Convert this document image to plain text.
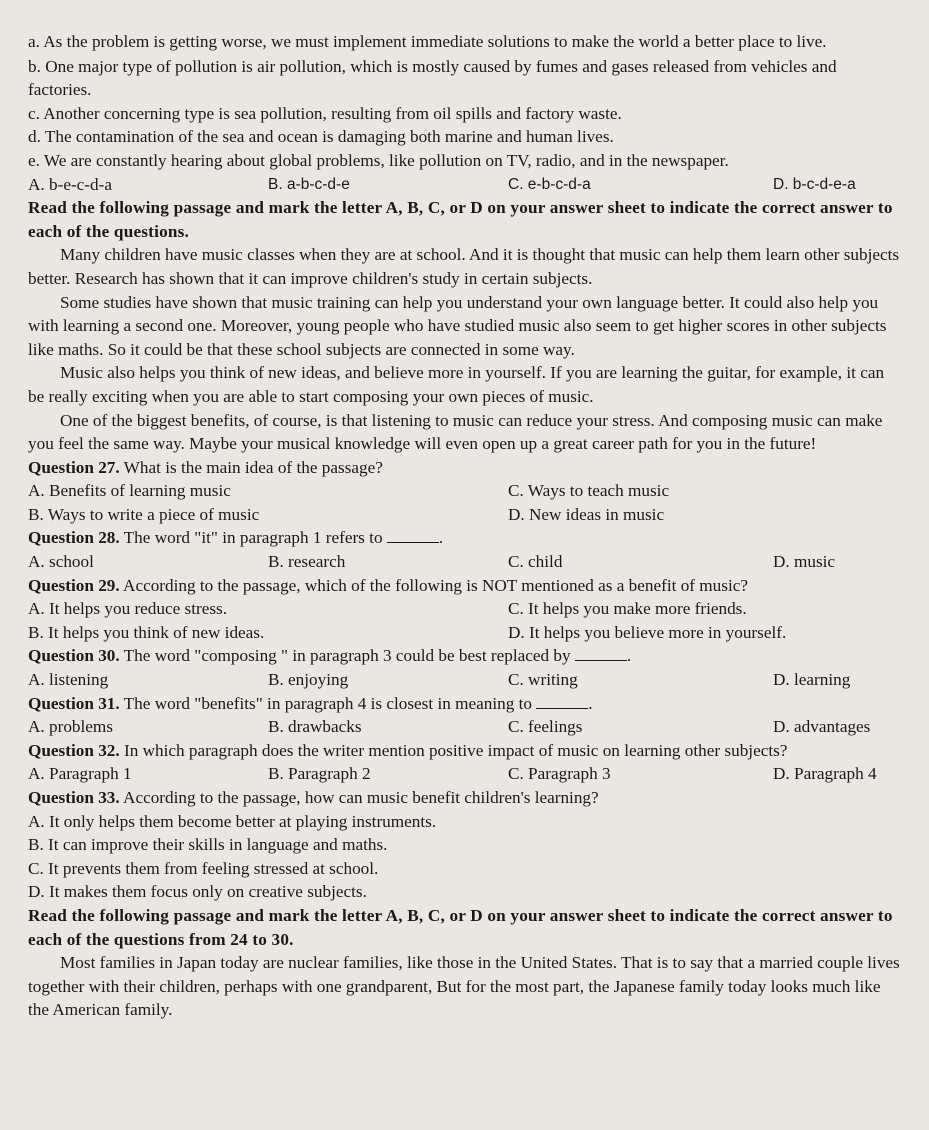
a. As the problem is getting worse, we must implement immediate solutions to make the world a better place to live.
b. One major type of pollution is air pollution, which is mostly caused by fumes and gases released from vehicles and factories.
c. Another concerning type is sea pollution, resulting from oil spills and factory waste.
d. The contamination of the sea and ocean is damaging both marine and human lives.
e. We are constantly hearing about global problems, like pollution on TV, radio, and in the newspaper.
A. b-e-c-d-a	B. a-b-c-d-e	C. e-b-c-d-a	D. b-c-d-e-a
Read the following passage and mark the letter A, B, C, or D on your answer sheet to indicate the correct answer to each of the questions.
Many children have music classes when they are at school. And it is thought that music can help them learn other subjects better. Research has shown that it can improve children's study in certain subjects.
Some studies have shown that music training can help you understand your own language better. It could also help you with learning a second one. Moreover, young people who have studied music also seem to get higher scores in other subjects like maths. So it could be that these school subjects are connected in some way.
Music also helps you think of new ideas, and believe more in yourself. If you are learning the guitar, for example, it can be really exciting when you are able to start composing your own pieces of music.
One of the biggest benefits, of course, is that listening to music can reduce your stress. And composing music can make you feel the same way. Maybe your musical knowledge will even open up a great career path for you in the future!
Question 27. What is the main idea of the passage?
A. Benefits of learning music	C. Ways to teach music
B. Ways to write a piece of music	D. New ideas in music
Question 28. The word "it" in paragraph 1 refers to	.
A. school	B. research	C. child	D. music
Question 29. According to the passage, which of the following is NOT mentioned as a benefit of music?
A. It helps you reduce stress.	C. It helps you make more friends.
B. It helps you think of new ideas.	D. It helps you believe more in yourself.
Question 30. The word "composing " in paragraph 3 could be best replaced by	.
A. listening	B. enjoying	C. writing	D. learning
Question 31. The word "benefits" in paragraph 4 is closest in meaning to	.
A. problems	B. drawbacks	C. feelings	D. advantages
Question 32. In which paragraph does the writer mention positive impact of music on learning other subjects?
A. Paragraph 1	B. Paragraph 2	C. Paragraph 3	D. Paragraph 4
Question 33. According to the passage, how can music benefit children's learning?
A. It only helps them become better at playing instruments.
B. It can improve their skills in language and maths.
C. It prevents them from feeling stressed at school.
D. It makes them focus only on creative subjects.
Read the following passage and mark the letter A, B, C, or D on your answer sheet to indicate the correct answer to each of the questions from 24 to 30.
Most families in Japan today are nuclear families, like those in the United States. That is to say that a married couple lives together with their children, perhaps with one grandparent, But for the most part, the Japanese family today looks much like the American family.
